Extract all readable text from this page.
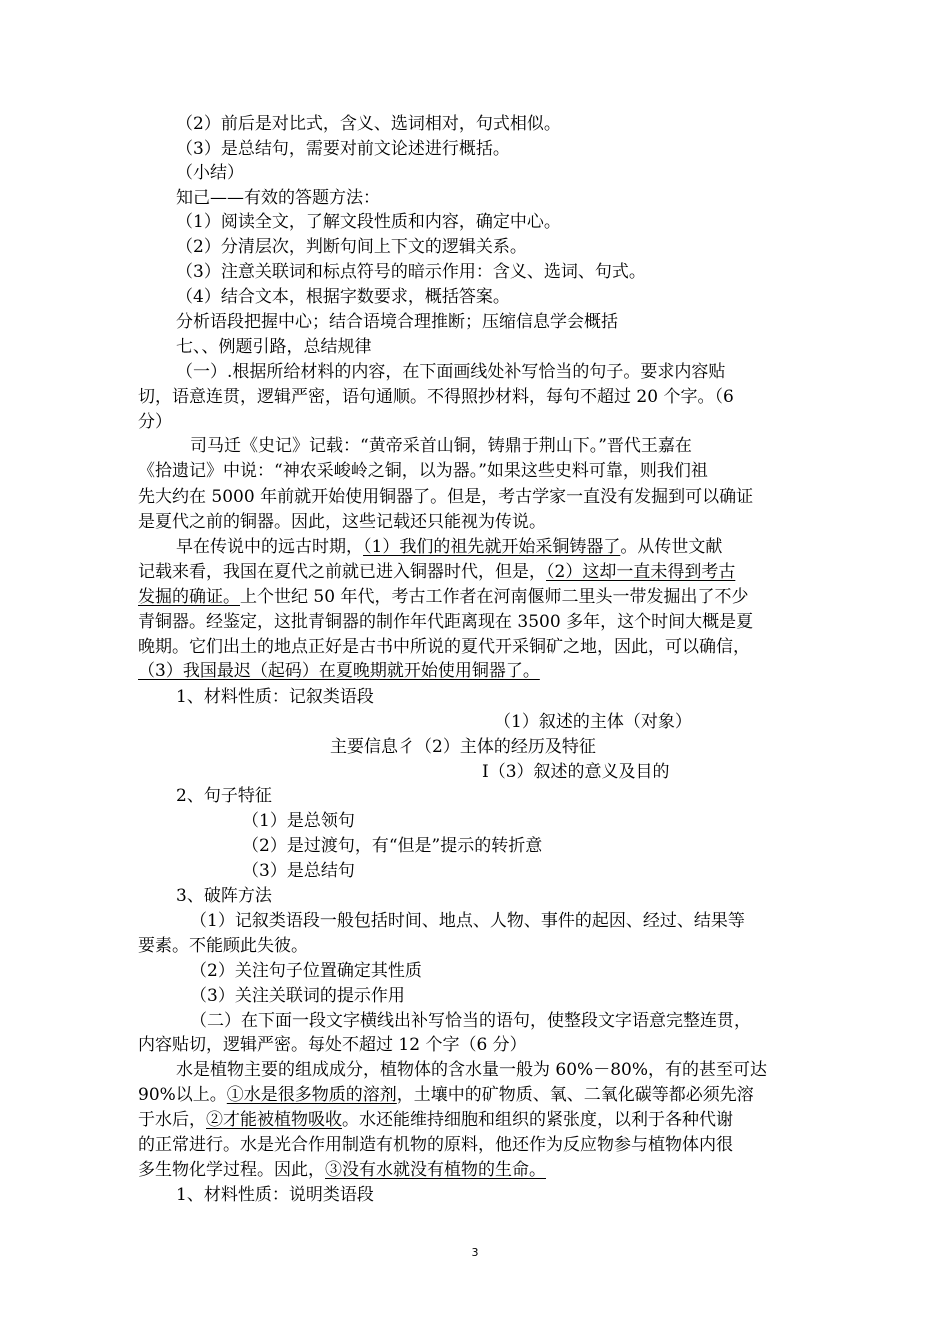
（2）前后是对比式，含义、选词相对，句式相似。
（3）是总结句，需要对前文论述进行概括。
（小结）
知己——有效的答题方法：
（1）阅读全文，了解文段性质和内容，确定中心。
（2）分清层次，判断句间上下文的逻辑关系。
（3）注意关联词和标点符号的暗示作用：含义、选词、句式。
（4）结合文本，根据字数要求，概括答案。
分析语段把握中心；结合语境合理推断；压缩信息学会概括
七、、例题引路，总结规律
（一）.根据所给材料的内容，在下面画线处补写恰当的句子。要求内容贴
切，语意连贯，逻辑严密，语句通顺。不得照抄材料，每句不超过 20 个字。（6
分）
司马迁《史记》记载：“黄帝采首山铜，铸鼎于荆山下。”晋代王嘉在
《拾遗记》中说：“神农采峻岭之铜，以为器。”如果这些史料可靠，则我们祖
先大约在 5000 年前就开始使用铜器了。但是，考古学家一直没有发掘到可以确证
是夏代之前的铜器。因此，这些记载还只能视为传说。
早在传说中的远古时期，（1）我们的祖先就开始采铜铸器了。从传世文献
记载来看，我国在夏代之前就已进入铜器时代，但是，（2）这却一直未得到考古
发掘的确证。上个世纪 50 年代，考古工作者在河南偃师二里头一带发掘出了不少
青铜器。经鉴定，这批青铜器的制作年代距离现在 3500 多年，这个时间大概是夏
晚期。它们出土的地点正好是古书中所说的夏代开采铜矿之地，因此，可以确信，
（3）我国最迟（起码）在夏晚期就开始使用铜器了。
1、材料性质：记叙类语段
（1）叙述的主体（对象）
主要信息彳（2）主体的经历及特征
I（3）叙述的意义及目的
2、句子特征
（1）是总领句
（2）是过渡句，有“但是”提示的转折意
（3）是总结句
3、破阵方法
（1）记叙类语段一般包括时间、地点、人物、事件的起因、经过、结果等
要素。不能顾此失彼。
（2）关注句子位置确定其性质
（3）关注关联词的提示作用
（二）在下面一段文字横线出补写恰当的语句，使整段文字语意完整连贯，
内容贴切，逻辑严密。每处不超过 12 个字（6 分）
水是植物主要的组成成分，植物体的含水量一般为 60%－80%，有的甚至可达
90%以上。①水是很多物质的溶剂，土壤中的矿物质、氧、二氧化碳等都必须先溶
于水后，②才能被植物吸收。水还能维持细胞和组织的紧张度，以利于各种代谢
的正常进行。水是光合作用制造有机物的原料，他还作为反应物参与植物体内很
多生物化学过程。因此，③没有水就没有植物的生命。
1、材料性质：说明类语段
3
